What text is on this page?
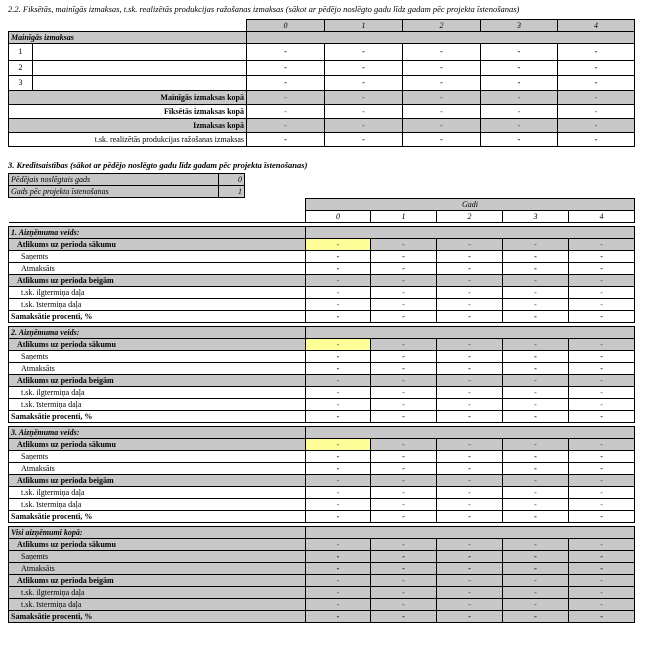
2.2. Fiksētās, mainīgās izmaksas, t.sk. realizētās produkcijas ražošanas izmaksas (sākot ar pēdējo noslēgto gadu līdz gadam pēc projekta īstenošanas)
		0	1	2	3	4
Mainīgās izmaksas						
1		-	-	-	-	-
2		-	-	-	-	-
3		-	-	-	-	-
Mainīgās izmaksas kopā		-	-	-	-	-
Fiksētās izmaksas kopā		-	-	-	-	-
Izmaksas kopā		-	-	-	-	-
t.sk. realizētās produkcijas ražošanas izmaksas		-	-	-	-	-
3. Kredītsaistības (sākot ar pēdējo noslēgto gadu līdz gadam pēc projekta īstenošanas)
Pēdējais noslēgtais gads	0
Gads pēc projekta īstenošanas	1
	Gadi				
	0	1	2	3	4

1. Aizņēmuma veids:					
Atlikums uz perioda sākumu	-	-	-	-	-
Saņemts	-	-	-	-	-
Atmaksāts	-	-	-	-	-
Atlikums uz perioda beigām	-	-	-	-	-
t.sk. ilgtermiņa daļa	-	-	-	-	-
t.sk. īstermiņa daļa	-	-	-	-	-
Samaksātie procenti, %	-	-	-	-	-

2. Aizņēmuma veids:					
Atlikums uz perioda sākumu	-	-	-	-	-
Saņemts	-	-	-	-	-
Atmaksāts	-	-	-	-	-
Atlikums uz perioda beigām	-	-	-	-	-
t.sk. ilgtermiņa daļa	-	-	-	-	-
t.sk. īstermiņa daļa	-	-	-	-	-
Samaksātie procenti, %	-	-	-	-	-

3. Aizņēmuma veids:					
Atlikums uz perioda sākumu	-	-	-	-	-
Saņemts	-	-	-	-	-
Atmaksāts	-	-	-	-	-
Atlikums uz perioda beigām	-	-	-	-	-
t.sk. ilgtermiņa daļa	-	-	-	-	-
t.sk. īstermiņa daļa	-	-	-	-	-
Samaksātie procenti, %	-	-	-	-	-

Visi aizņēmumi kopā:					
Atlikums uz perioda sākumu	-	-	-	-	-
Saņemts	-	-	-	-	-
Atmaksāts	-	-	-	-	-
Atlikums uz perioda beigām	-	-	-	-	-
t.sk. ilgtermiņa daļa	-	-	-	-	-
t.sk. īstermiņa daļa	-	-	-	-	-
Samaksātie procenti, %	-	-	-	-	-
